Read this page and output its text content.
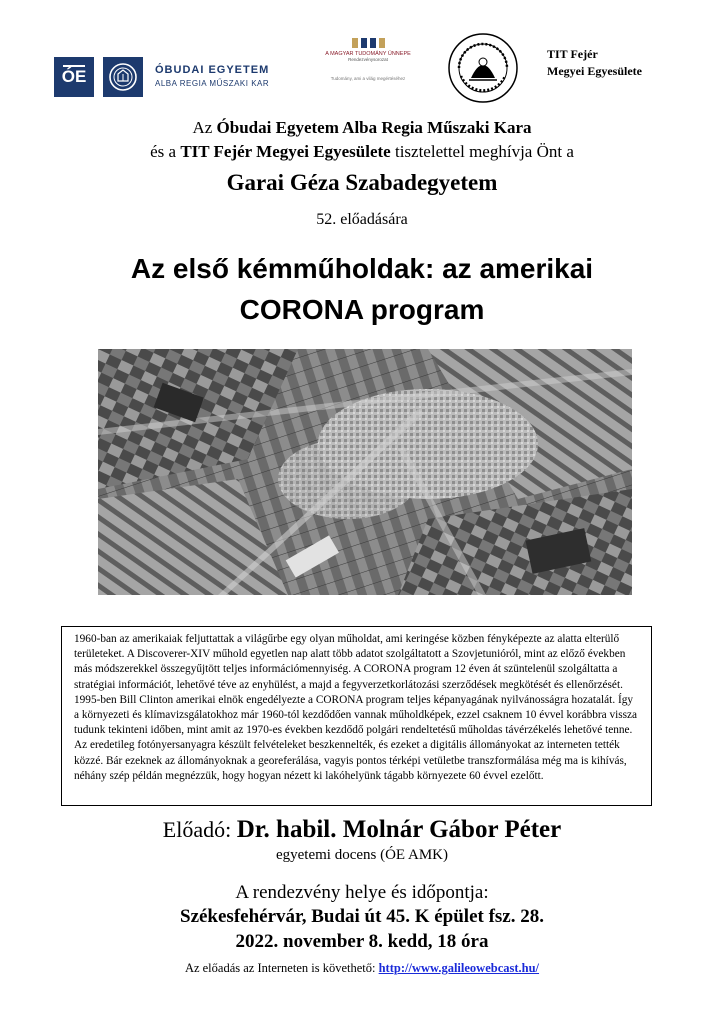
ÓE	ÓBUDAI EGYETEM
ALBA REGIA MŰSZAKI KAR
A MAGYAR TUDOMÁNY ÜNNEPE
Rendezvénysorozat
Tudomány, ami a világ megértéséhez
TIT Fejér
Megyei Egyesülete
Az Óbudai Egyetem Alba Regia Műszaki Kara
és a TIT Fejér Megyei Egyesülete tisztelettel meghívja Önt a
Garai Géza Szabadegyetem
52. előadására
Az első kémműholdak: az amerikai
CORONA program

1960-ban az amerikaiak feljuttattak a világűrbe egy olyan műholdat, ami keringése közben fényképezte az alatta elterülő területeket. A Discoverer-XIV műhold egyetlen nap alatt több adatot szolgáltatott a Szovjetunióról, mint az előző években más módszerekkel összegyűjtött teljes információmennyiség. A CORONA program 12 éven át szüntelenül szolgáltatta a stratégiai információt, lehetővé téve az enyhülést, a majd a fegyverzetkorlátozási szerződések megkötését és ellenőrzését.

1995-ben Bill Clinton amerikai elnök engedélyezte a CORONA program teljes képanyagának nyilvánosságra hozatalát. Így a környezeti és klímavizsgálatokhoz már 1960-tól kezdődően vannak műholdképek, ezzel csaknem 10 évvel korábbra vissza tudunk tekinteni időben, mint amit az 1970-es években kezdődő polgári rendeltetésű műholdas távérzékelés lehetővé tenne. Az eredetileg fotónyersanyagra készült felvételeket beszkennelték, és ezeket a digitális állományokat az interneten tették közzé. Bár ezeknek az állományoknak a georeferálása, vagyis pontos térképi vetületbe transzformálása még ma is kihívás, néhány szép példán megnézzük, hogy hogyan nézett ki lakóhelyünk tágabb környezete 60 évvel ezelőtt.

Előadó: Dr. habil. Molnár Gábor Péter
egyetemi docens (ÓE AMK)
A rendezvény helye és időpontja:
Székesfehérvár, Budai út 45. K épület fsz. 28.
2022. november 8. kedd, 18 óra
Az előadás az Interneten is követhető: http://www.galileowebcast.hu/
